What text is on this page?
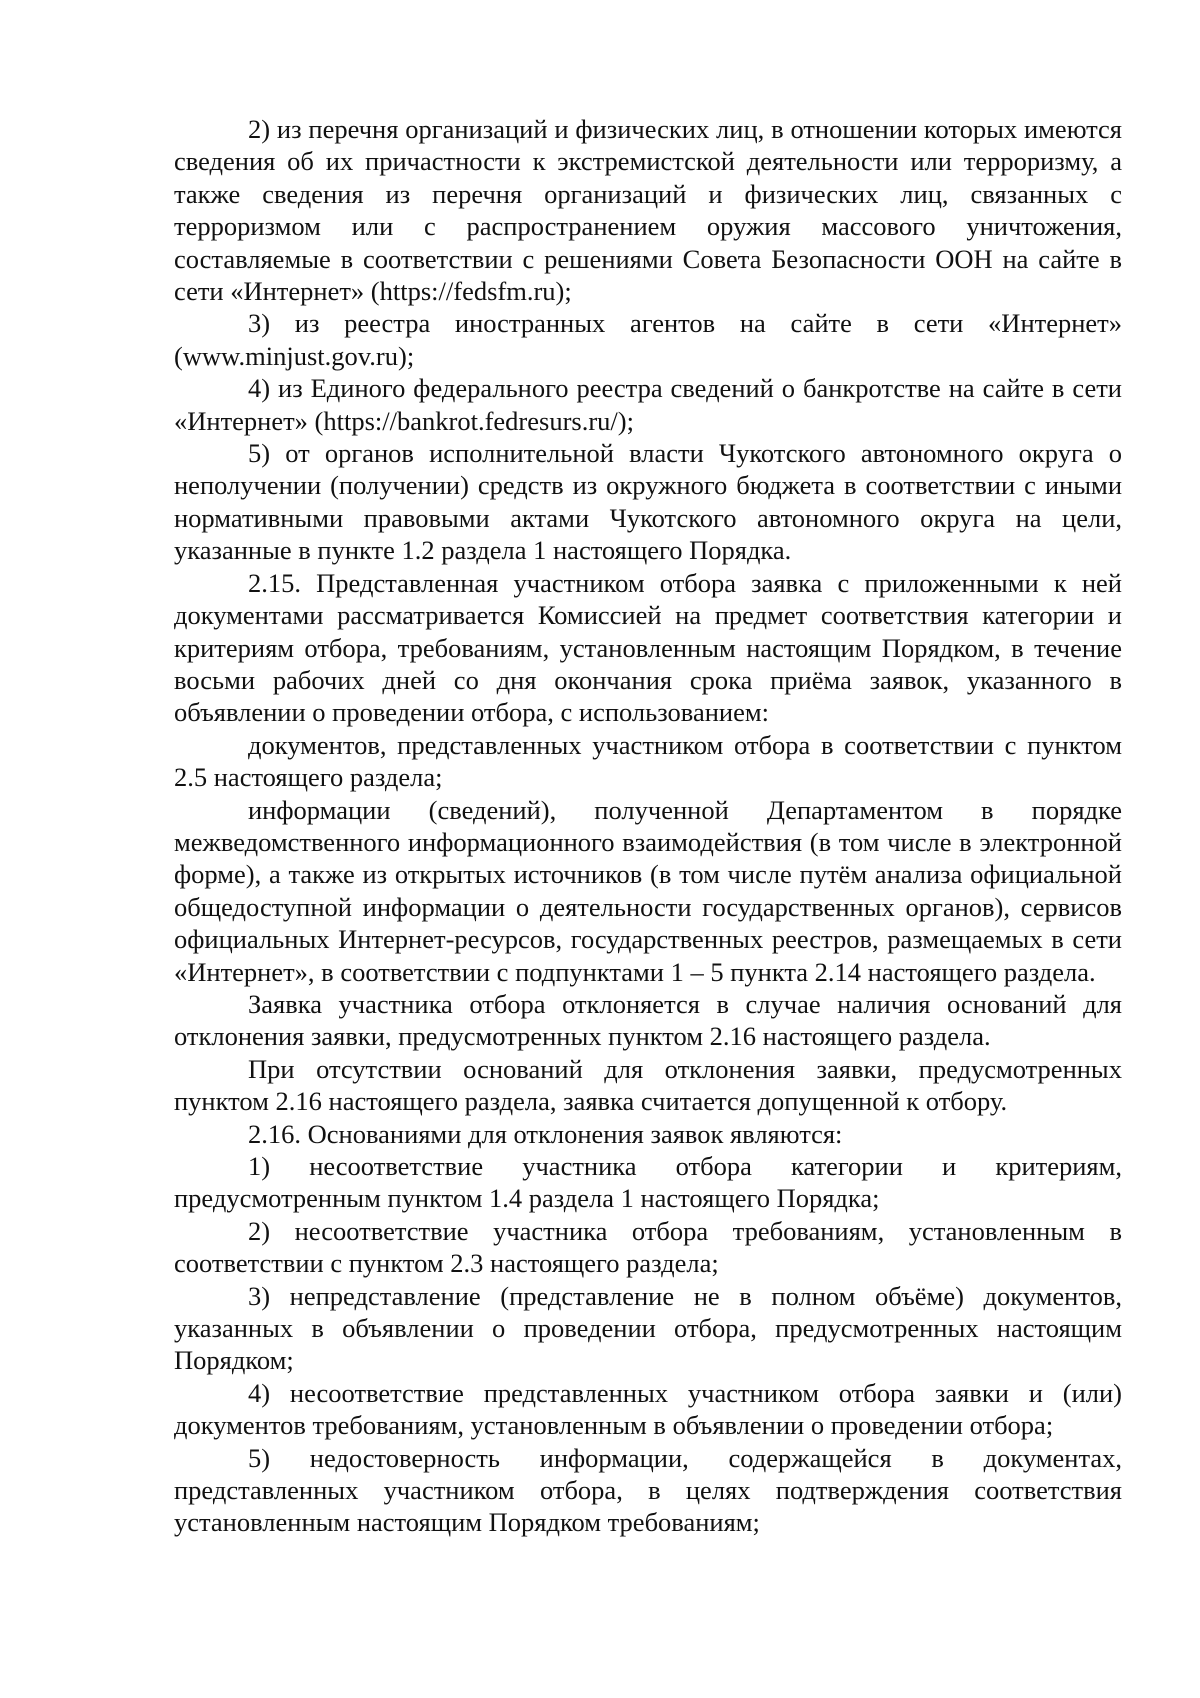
2) из перечня организаций и физических лиц, в отношении которых имеются сведения об их причастности к экстремистской деятельности или терроризму, а также сведения из перечня организаций и физических лиц, связанных с терроризмом или с распространением оружия массового уничтожения, составляемые в соответствии с решениями Совета Безопасности ООН на сайте в сети «Интернет» (https://fedsfm.ru);

3) из реестра иностранных агентов на сайте в сети «Интернет» (www.minjust.gov.ru);

4) из Единого федерального реестра сведений о банкротстве на сайте в сети «Интернет» (https://bankrot.fedresurs.ru/);

5) от органов исполнительной власти Чукотского автономного округа о неполучении (получении) средств из окружного бюджета в соответствии с иными нормативными правовыми актами Чукотского автономного округа на цели, указанные в пункте 1.2 раздела 1 настоящего Порядка.

2.15. Представленная участником отбора заявка с приложенными к ней документами рассматривается Комиссией на предмет соответствия категории и критериям отбора, требованиям, установленным настоящим Порядком, в течение восьми рабочих дней со дня окончания срока приёма заявок, указанного в объявлении о проведении отбора, с использованием:

документов, представленных участником отбора в соответствии с пунктом 2.5 настоящего раздела;

информации (сведений), полученной Департаментом в порядке межведомственного информационного взаимодействия (в том числе в электронной форме), а также из открытых источников (в том числе путём анализа официальной общедоступной информации о деятельности государственных органов), сервисов официальных Интернет-ресурсов, государственных реестров, размещаемых в сети «Интернет», в соответствии с подпунктами 1 – 5 пункта 2.14 настоящего раздела.

Заявка участника отбора отклоняется в случае наличия оснований для отклонения заявки, предусмотренных пунктом 2.16 настоящего раздела.

При отсутствии оснований для отклонения заявки, предусмотренных пунктом 2.16 настоящего раздела, заявка считается допущенной к отбору.

2.16. Основаниями для отклонения заявок являются:

1) несоответствие участника отбора категории и критериям, предусмотренным пунктом 1.4 раздела 1 настоящего Порядка;

2) несоответствие участника отбора требованиям, установленным в соответствии с пунктом 2.3 настоящего раздела;

3) непредставление (представление не в полном объёме) документов, указанных в объявлении о проведении отбора, предусмотренных настоящим Порядком;

4) несоответствие представленных участником отбора заявки и (или) документов требованиям, установленным в объявлении о проведении отбора;

5) недостоверность информации, содержащейся в документах, представленных участником отбора, в целях подтверждения соответствия установленным настоящим Порядком требованиям;
